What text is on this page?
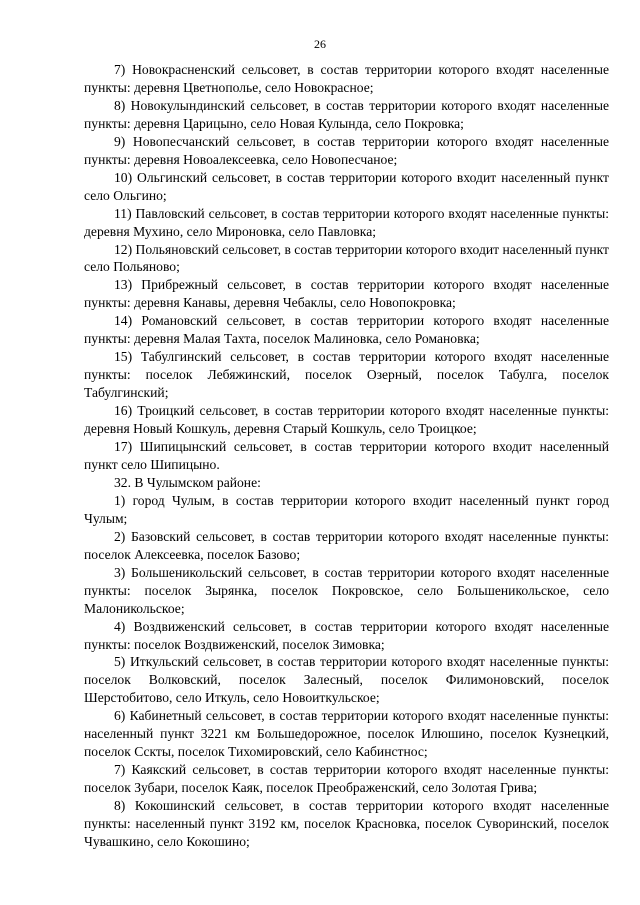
26

7) Новокрасненский сельсовет, в состав территории которого входят населенные пункты: деревня Цветнополье, село Новокрасное;

8) Новокулындинский сельсовет, в состав территории которого входят населенные пункты: деревня Царицыно, село Новая Кулында, село Покровка;

9) Новопесчанский сельсовет, в состав территории которого входят населенные пункты: деревня Новоалексеевка, село Новопесчаное;

10) Ольгинский сельсовет, в состав территории которого входит населенный пункт село Ольгино;

11) Павловский сельсовет, в состав территории которого входят населенные пункты: деревня Мухино, село Мироновка, село Павловка;

12) Польяновский сельсовет, в состав территории которого входит населенный пункт село Польяново;

13) Прибрежный сельсовет, в состав территории которого входят населенные пункты: деревня Канавы, деревня Чебаклы, село Новопокровка;

14) Романовский сельсовет, в состав территории которого входят населенные пункты: деревня Малая Тахта, поселок Малиновка, село Романовка;

15) Табулгинский сельсовет, в состав территории которого входят населенные пункты: поселок Лебяжинский, поселок Озерный, поселок Табулга, поселок Табулгинский;

16) Троицкий сельсовет, в состав территории которого входят населенные пункты: деревня Новый Кошкуль, деревня Старый Кошкуль, село Троицкое;

17) Шипицынский сельсовет, в состав территории которого входит населенный пункт село Шипицыно.

32. В Чулымском районе:

1) город Чулым, в состав территории которого входит населенный пункт город Чулым;

2) Базовский сельсовет, в состав территории которого входят населенные пункты: поселок Алексеевка, поселок Базово;

3) Большеникольский сельсовет, в состав территории которого входят населенные пункты: поселок Зырянка, поселок Покровское, село Большеникольское, село Малоникольское;

4) Воздвиженский сельсовет, в состав территории которого входят населенные пункты: поселок Воздвиженский, поселок Зимовка;

5) Иткульский сельсовет, в состав территории которого входят населенные пункты: поселок Волковский, поселок Залесный, поселок Филимоновский, поселок Шерстобитово, село Иткуль, село Новоиткульское;

6) Кабинетный сельсовет, в состав территории которого входят населенные пункты: населенный пункт 3221 км Большедорожное, поселок Илюшино, поселок Кузнецкий, поселок Сскты, поселок Тихомировский, село Кабинстнос;

7) Каякский сельсовет, в состав территории которого входят населенные пункты: поселок Зубари, поселок Каяк, поселок Преображенский, село Золотая Грива;

8) Кокошинский сельсовет, в состав территории которого входят населенные пункты: населенный пункт 3192 км, поселок Красновка, поселок Суворинский, поселок Чувашкино, село Кокошино;
